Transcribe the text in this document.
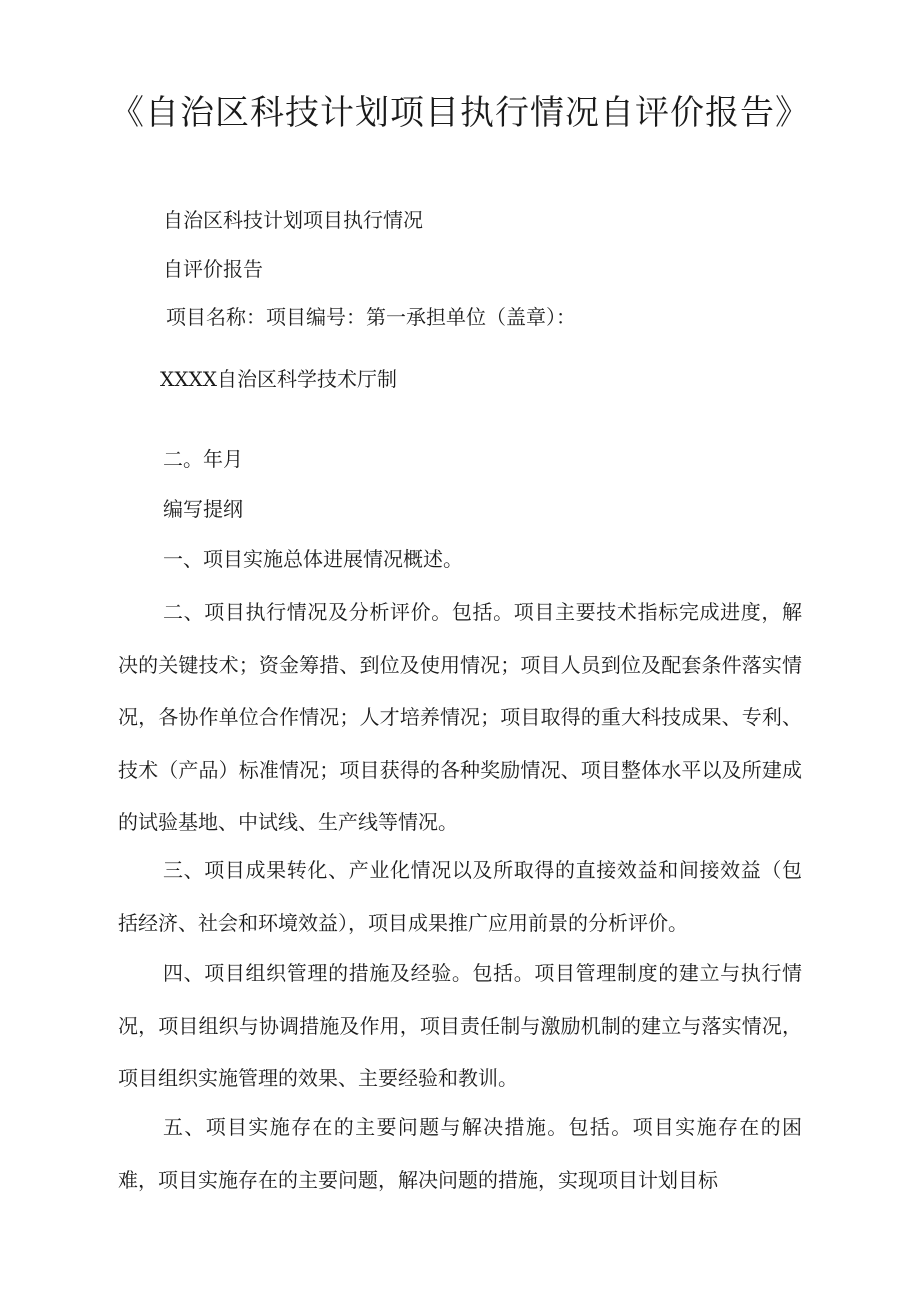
《自治区科技计划项目执行情况自评价报告》

自治区科技计划项目执行情况

自评价报告

项目名称：项目编号：第一承担单位（盖章）：

XXXX自治区科学技术厅制

二。年月

编写提纲

一、项目实施总体进展情况概述。

二、项目执行情况及分析评价。包括。项目主要技术指标完成进度，解决的关键技术；资金筹措、到位及使用情况；项目人员到位及配套条件落实情况，各协作单位合作情况；人才培养情况；项目取得的重大科技成果、专利、技术（产品）标准情况；项目获得的各种奖励情况、项目整体水平以及所建成的试验基地、中试线、生产线等情况。

三、项目成果转化、产业化情况以及所取得的直接效益和间接效益（包括经济、社会和环境效益），项目成果推广应用前景的分析评价。

四、项目组织管理的措施及经验。包括。项目管理制度的建立与执行情况，项目组织与协调措施及作用，项目责任制与激励机制的建立与落实情况，项目组织实施管理的效果、主要经验和教训。

五、项目实施存在的主要问题与解决措施。包括。项目实施存在的困难，项目实施存在的主要问题，解决问题的措施，实现项目计划目标
